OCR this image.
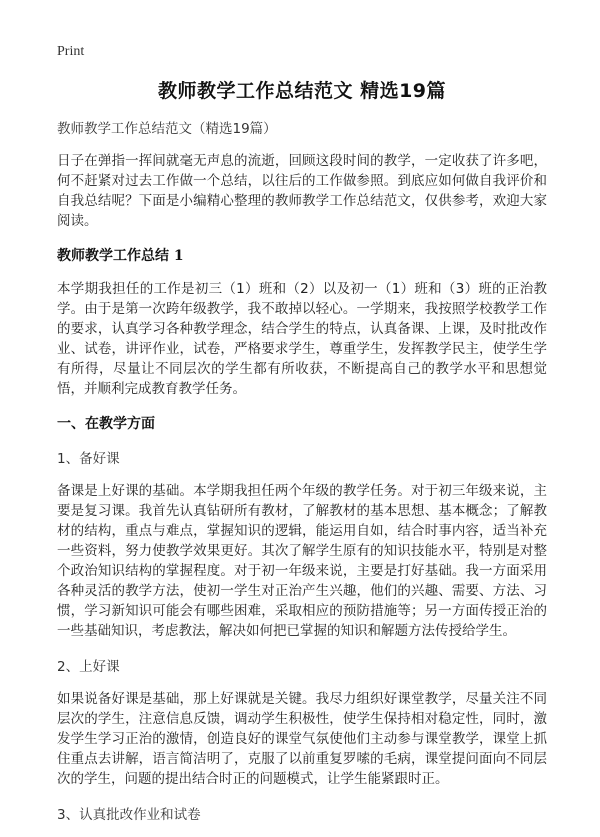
Print
教师教学工作总结范文 精选19篇
教师教学工作总结范文（精选19篇）

日子在弹指一挥间就毫无声息的流逝，回顾这段时间的教学，一定收获了许多吧，何不赶紧对过去工作做一个总结，以往后的工作做参照。到底应如何做自我评价和自我总结呢？下面是小编精心整理的教师教学工作总结范文，仅供参考，欢迎大家阅读。

教师教学工作总结 1

本学期我担任的工作是初三（1）班和（2）以及初一（1）班和（3）班的正治教学。由于是第一次跨年级教学，我不敢掉以轻心。一学期来，我按照学校教学工作的要求，认真学习各种教学理念，结合学生的特点，认真备课、上课，及时批改作业、试卷，讲评作业，试卷，严格要求学生，尊重学生，发挥教学民主，使学生学有所得，尽量让不同层次的学生都有所收获，不断提高自己的教学水平和思想觉悟，并顺利完成教育教学任务。

一、在教学方面
1、备好课

备课是上好课的基础。本学期我担任两个年级的教学任务。对于初三年级来说，主要是复习课。我首先认真钻研所有教材，了解教材的基本思想、基本概念；了解教材的结构，重点与难点，掌握知识的逻辑，能运用自如，结合时事内容，适当补充一些资料，努力使教学效果更好。其次了解学生原有的知识技能水平，特别是对整个政治知识结构的掌握程度。对于初一年级来说，主要是打好基础。我一方面采用各种灵活的教学方法，使初一学生对正治产生兴趣，他们的兴趣、需要、方法、习惯，学习新知识可能会有哪些困难，采取相应的预防措施等；另一方面传授正治的一些基础知识，考虑教法，解决如何把已掌握的知识和解题方法传授给学生。

2、上好课

如果说备好课是基础，那上好课就是关键。我尽力组织好课堂教学，尽量关注不同层次的学生，注意信息反馈，调动学生积极性，使学生保持相对稳定性，同时，激发学生学习正治的激情，创造良好的课堂气氛使他们主动参与课堂教学，课堂上抓住重点去讲解，语言简洁明了，克服了以前重复罗嗦的毛病，课堂提问面向不同层次的学生，问题的提出结合时正的问题模式，让学生能紧跟时正。

3、认真批改作业和试卷
